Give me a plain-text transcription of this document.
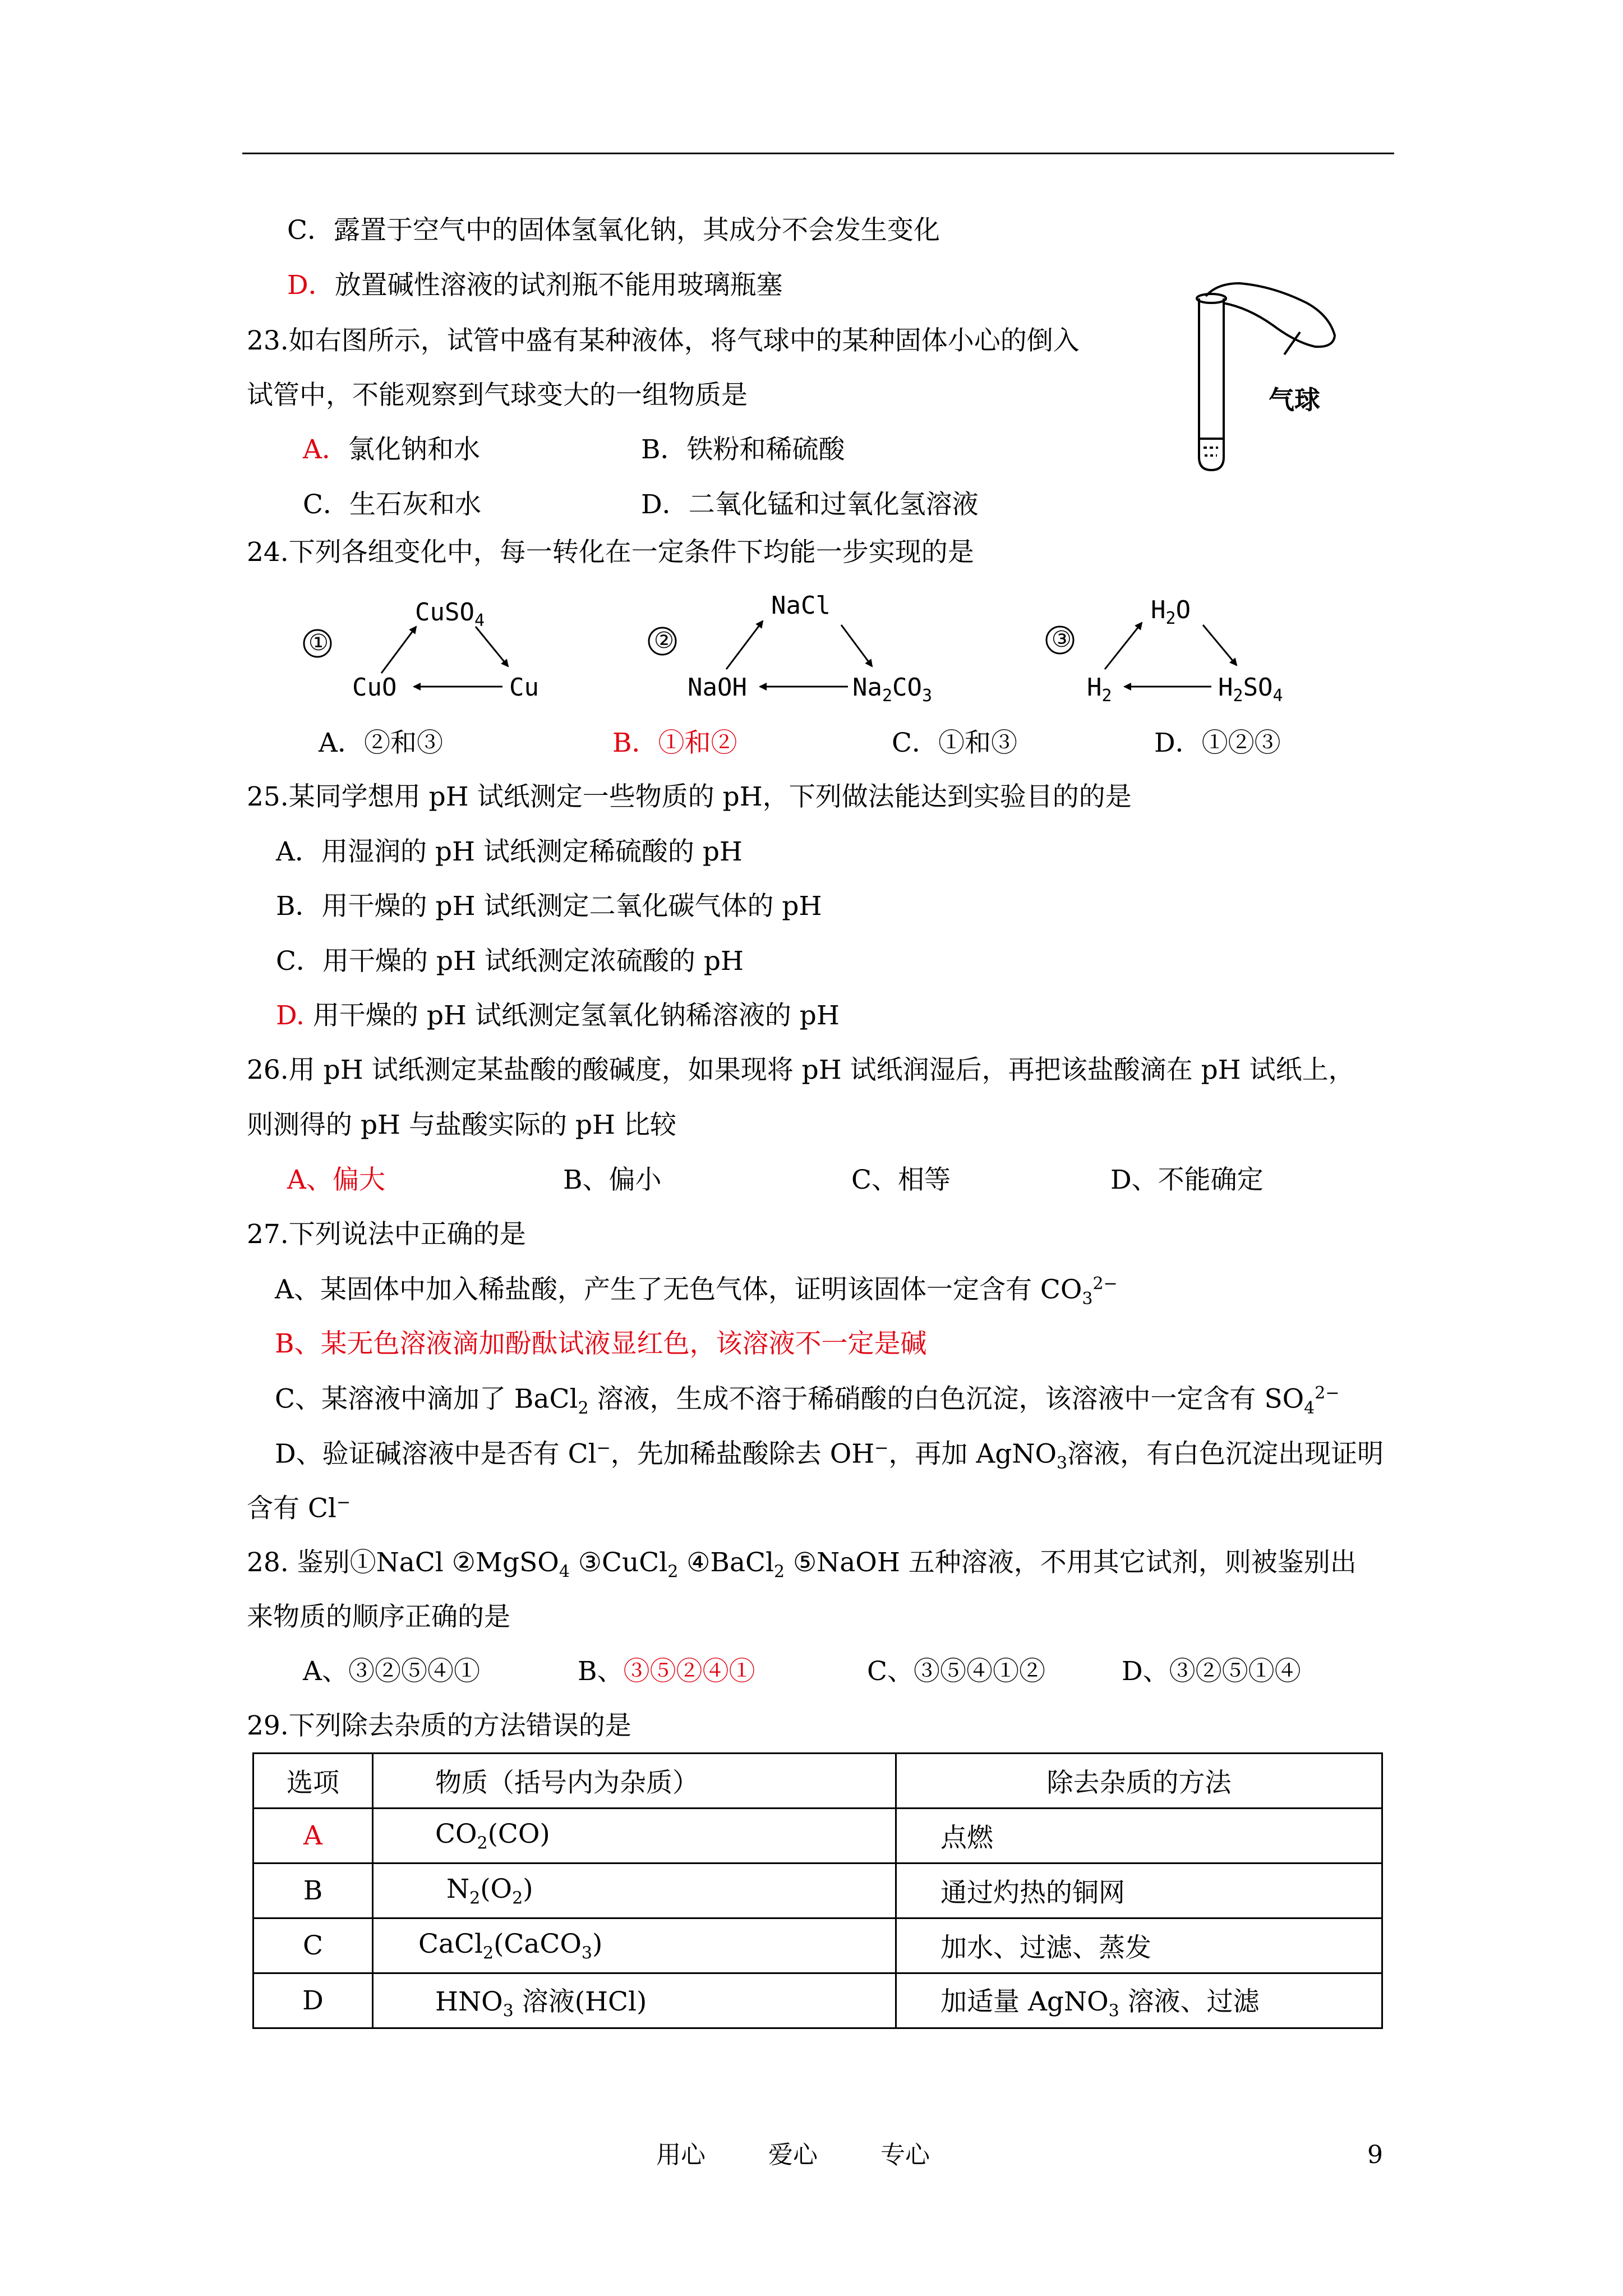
C．露置于空气中的固体氢氧化钠，其成分不会发生变化
D．放置碱性溶液的试剂瓶不能用玻璃瓶塞
23.如右图所示，试管中盛有某种液体，将气球中的某种固体小心的倒入
试管中，不能观察到气球变大的一组物质是
A．氯化钠和水	B．铁粉和稀硫酸
C．生石灰和水	D．二氧化锰和过氧化氢溶液
气球
24.下列各组变化中，每一转化在一定条件下均能一步实现的是
①
CuSO$_4$
CuO	Cu
②
NaCl
NaOH	$Na_2CO_3$
③
$H_2O$
$H_2$	$H_2SO_4$
A．②和③	B．①和②	C．①和③	D．①②③
25.某同学想用 pH 试纸测定一些物质的 pH，下列做法能达到实验目的的是
A．用湿润的 pH 试纸测定稀硫酸的 pH
B．用干燥的 pH 试纸测定二氧化碳气体的 pH
C．用干燥的 pH 试纸测定浓硫酸的 pH
D. 用干燥的 pH 试纸测定氢氧化钠稀溶液的 pH
26.用 pH 试纸测定某盐酸的酸碱度，如果现将 pH 试纸润湿后，再把该盐酸滴在 pH 试纸上，
则测得的 pH 与盐酸实际的 pH 比较
A、偏大	B、偏小	C、相等	D、不能确定
27.下列说法中正确的是
A、某固体中加入稀盐酸，产生了无色气体，证明该固体一定含有 $CO_3^{2-}$
B、某无色溶液滴加酚酞试液显红色，该溶液不一定是碱
C、某溶液中滴加了 BaCl$_2$ 溶液，生成不溶于稀硝酸的白色沉淀，该溶液中一定含有 $SO_4^{2-}$
D、验证碱溶液中是否有 Cl−，先加稀盐酸除去 OH−，再加 AgNO$_3$溶液，有白色沉淀出现证明
含有 Cl−
28. 鉴别①NaCl ②MgSO$_4$ ③CuCl$_2$ ④BaCl$_2$ ⑤NaOH 五种溶液，不用其它试剂，则被鉴别出
来物质的顺序正确的是
A、③②⑤④①	B、③⑤②④①	C、③⑤④①②	D、③②⑤①④
29.下列除去杂质的方法错误的是
选项	物质（括号内为杂质）	除去杂质的方法
A	$CO_2(CO)$	点燃
B	$N_2(O_2)$	通过灼热的铜网
C	CaCl$_2$(CaCO$_3$)	加水、过滤、蒸发
D	$HNO_3$ 溶液(HCl)	加适量 AgNO$_3$ 溶液、过滤
用心	爱心	专心	9
